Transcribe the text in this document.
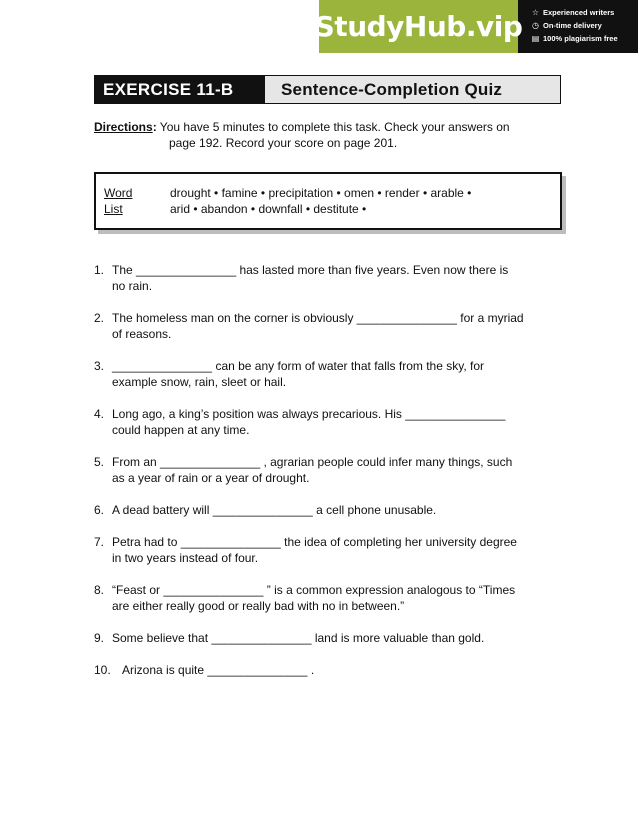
StudyHub.vip ☆ Experienced writers
◷ On-time delivery
▤ 100% plagiarism free
EXERCISE 11-B	Sentence-Completion Quiz
Directions: You have 5 minutes to complete this task. Check your answers on
page 192. Record your score on page 201.
Word	drought • famine • precipitation • omen • render • arable •
List	arid • abandon • downfall • destitute •
1. The _______________ has lasted more than five years. Even now there is
no rain.
2. The homeless man on the corner is obviously _______________ for a myriad
of reasons.
3. _______________ can be any form of water that falls from the sky, for
example snow, rain, sleet or hail.
4. Long ago, a king’s position was always precarious. His _______________
could happen at any time.
5. From an _______________ , agrarian people could infer many things, such
as a year of rain or a year of drought.
6. A dead battery will _______________ a cell phone unusable.
7. Petra had to _______________ the idea of completing her university degree
in two years instead of four.
8. “Feast or _______________ ” is a common expression analogous to “Times
are either really good or really bad with no in between.”
9. Some believe that _______________ land is more valuable than gold.
10. Arizona is quite _______________ .
